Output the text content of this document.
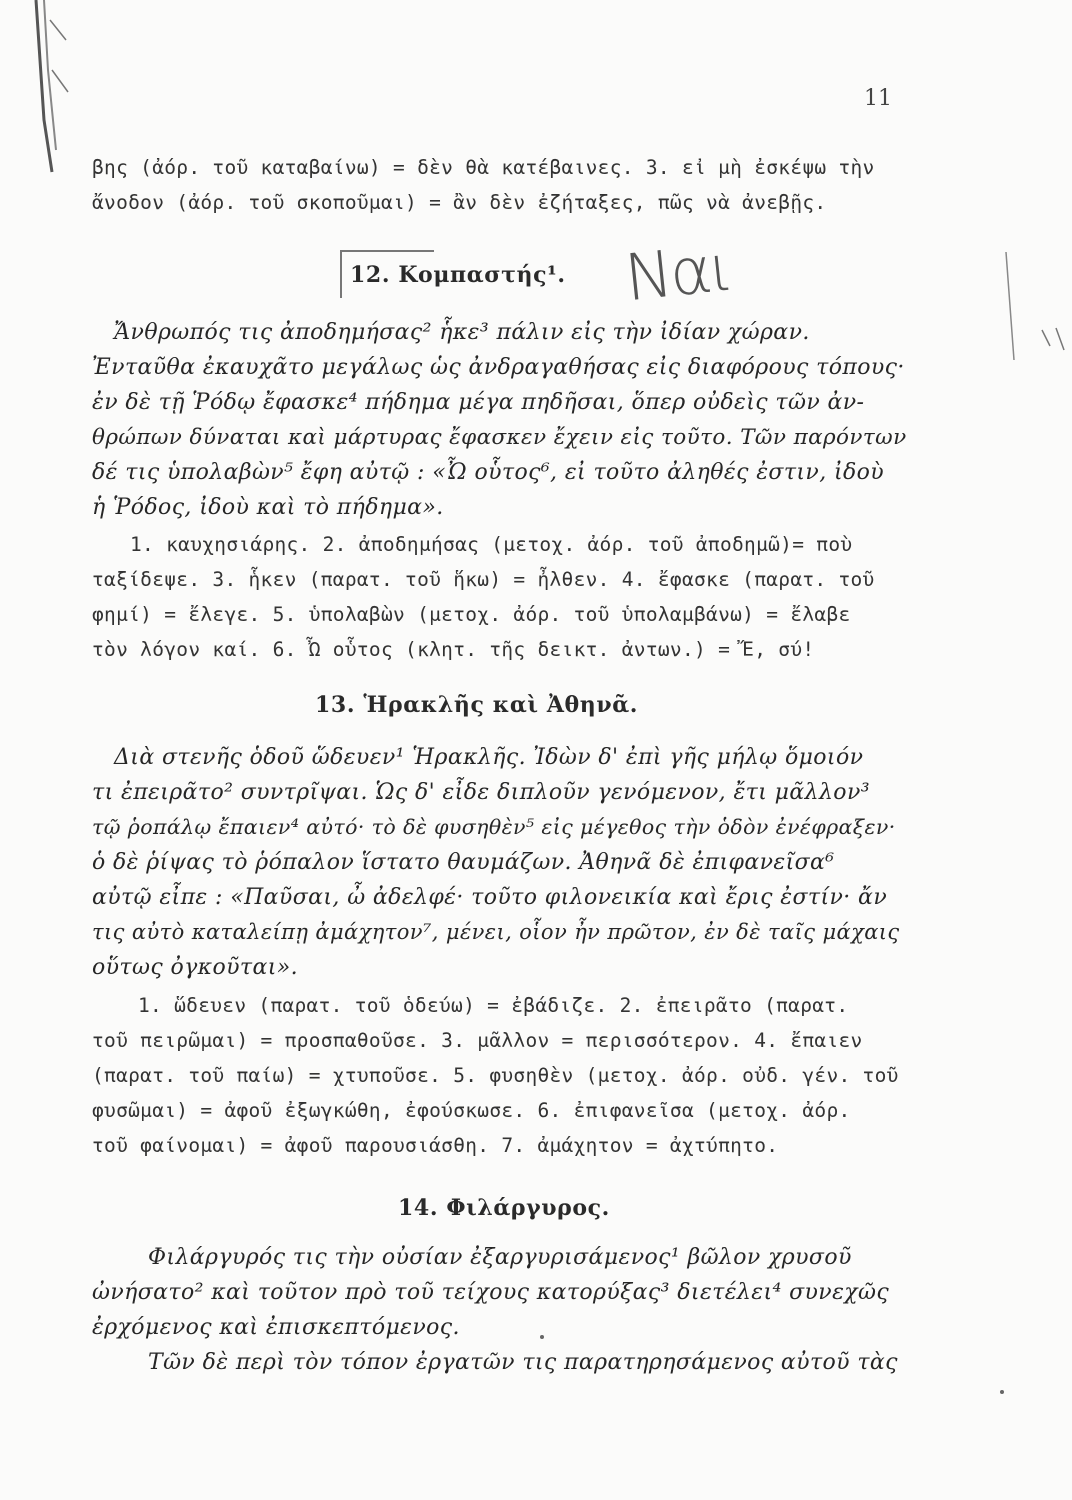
11
βης (ἀόρ. τοῦ καταβαίνω) = δὲν θὰ κατέβαινες. 3. εἰ μὴ ἐσκέψω τὴν
ἄνοδον (ἀόρ. τοῦ σκοποῦμαι) = ἂν δὲν ἐζήταξες, πῶς νὰ ἀνεβῇς.
12. Κομπαστής¹. Ναι
Ἄνθρωπός τις ἀποδημήσας² ἧκε³ πάλιν εἰς τὴν ἰδίαν χώραν.
Ἐνταῦθα ἐκαυχᾶτο μεγάλως ὡς ἀνδραγαθήσας εἰς διαφόρους τόπους·
ἐν δὲ τῇ Ῥόδῳ ἔφασκε⁴ πήδημα μέγα πηδῆσαι, ὅπερ οὐδεὶς τῶν ἀν-
θρώπων δύναται καὶ μάρτυρας ἔφασκεν ἔχειν εἰς τοῦτο. Τῶν παρόντων
δέ τις ὑπολαβὼν⁵ ἔφη αὐτῷ : «Ὦ οὗτος⁶, εἰ τοῦτο ἀληθές ἐστιν, ἰδοὺ
ἡ Ῥόδος, ἰδοὺ καὶ τὸ πήδημα».
1. καυχησιάρης. 2. ἀποδημήσας (μετοχ. ἀόρ. τοῦ ἀποδημῶ)= ποὺ
ταξίδεψε. 3. ἧκεν (παρατ. τοῦ ἥκω) = ἦλθεν. 4. ἔφασκε (παρατ. τοῦ
φημί) = ἔλεγε. 5. ὑπολαβὼν (μετοχ. ἀόρ. τοῦ ὑπολαμβάνω) = ἔλαβε
τὸν λόγον καί. 6. Ὦ οὗτος (κλητ. τῆς δεικτ. ἀντων.) = Ἔ, σύ!
13. Ἡρακλῆς καὶ Ἀθηνᾶ.
Διὰ στενῆς ὁδοῦ ὥδευεν¹ Ἡρακλῆς. Ἰδὼν δ' ἐπὶ γῆς μήλῳ ὅμοιόν
τι ἐπειρᾶτο² συντρῖψαι. Ὡς δ' εἶδε διπλοῦν γενόμενον, ἔτι μᾶλλον³
τῷ ῥοπάλῳ ἔπαιεν⁴ αὐτό· τὸ δὲ φυσηθὲν⁵ εἰς μέγεθος τὴν ὁδὸν ἐνέφραξεν·
ὁ δὲ ῥίψας τὸ ῥόπαλον ἵστατο θαυμάζων. Ἀθηνᾶ δὲ ἐπιφανεῖσα⁶
αὐτῷ εἶπε : «Παῦσαι, ὦ ἀδελφέ· τοῦτο φιλονεικία καὶ ἔρις ἐστίν· ἄν
τις αὐτὸ καταλείπῃ ἀμάχητον⁷, μένει, οἷον ἦν πρῶτον, ἐν δὲ ταῖς μάχαις
οὕτως ὀγκοῦται».
1. ὥδευεν (παρατ. τοῦ ὁδεύω) = ἐβάδιζε. 2. ἐπειρᾶτο (παρατ.
τοῦ πειρῶμαι) = προσπαθοῦσε. 3. μᾶλλον = περισσότερον. 4. ἔπαιεν
(παρατ. τοῦ παίω) = χτυποῦσε. 5. φυσηθὲν (μετοχ. ἀόρ. οὐδ. γέν. τοῦ
φυσῶμαι) = ἀφοῦ ἐξωγκώθη, ἐφούσκωσε. 6. ἐπιφανεῖσα (μετοχ. ἀόρ.
τοῦ φαίνομαι) = ἀφοῦ παρουσιάσθη. 7. ἀμάχητον = ἀχτύπητο.
14. Φιλάργυρος.
Φιλάργυρός τις τὴν οὐσίαν ἐξαργυρισάμενος¹ βῶλον χρυσοῦ
ὠνήσατο² καὶ τοῦτον πρὸ τοῦ τείχους κατορύξας³ διετέλει⁴ συνεχῶς
ἐρχόμενος καὶ ἐπισκεπτόμενος.
Τῶν δὲ περὶ τὸν τόπον ἐργατῶν τις παρατηρησάμενος αὐτοῦ τὰς
